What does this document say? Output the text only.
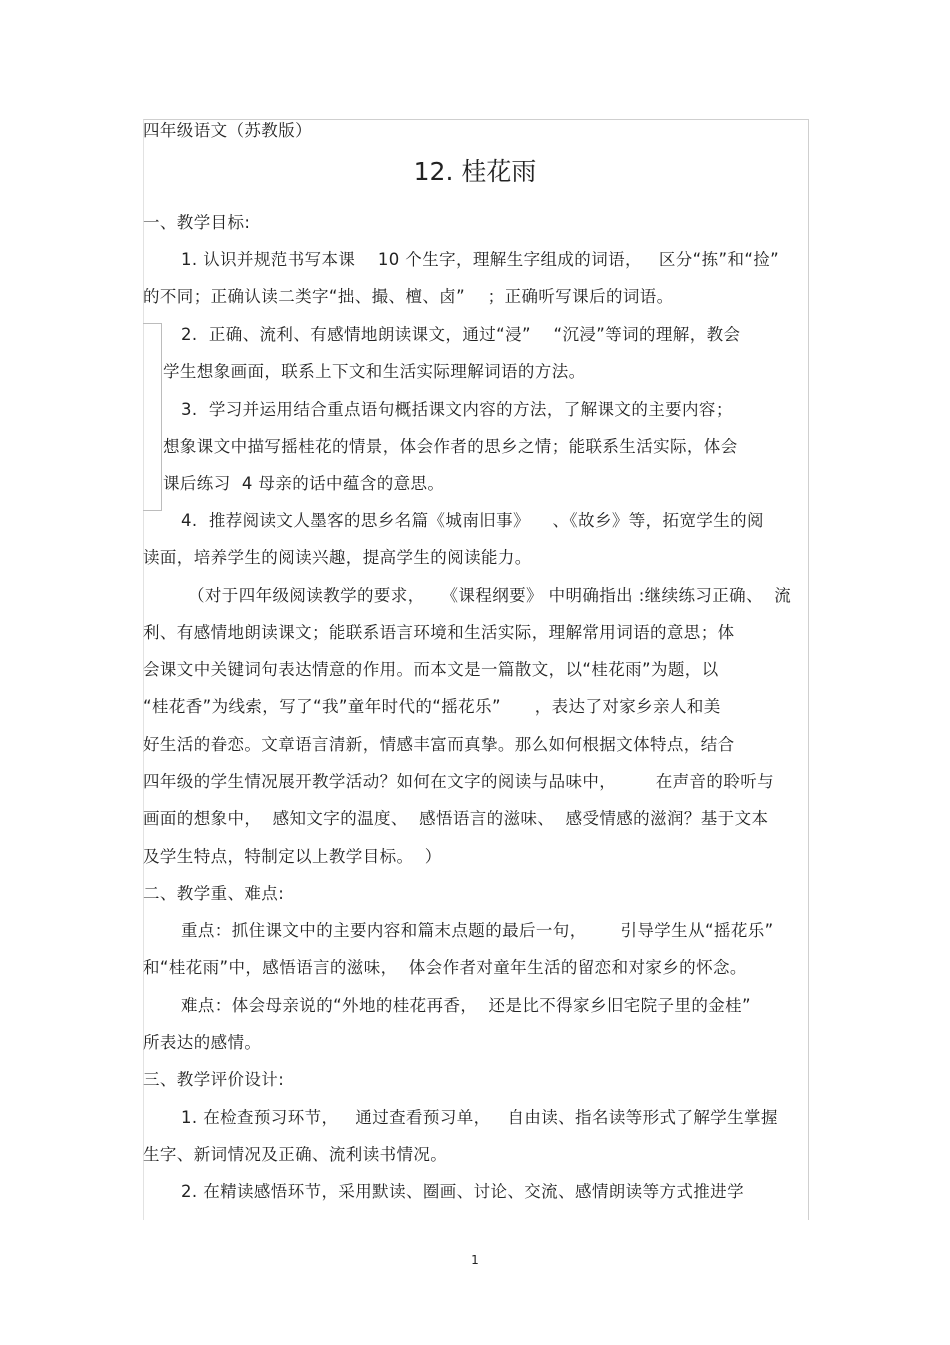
四年级语文（苏教版）
12. 桂花雨
一、教学目标:
1. 认识并规范书写本课    10 个生字，理解生字组成的词语，   区分“拣”和“捡”
的不同；正确认读二类字“拙、撮、檀、卤”    ；正确听写课后的词语。
2.  正确、流利、有感情地朗读课文，通过“浸”    “沉浸”等词的理解，教会
学生想象画面，联系上下文和生活实际理解词语的方法。
3.  学习并运用结合重点语句概括课文内容的方法，了解课文的主要内容；
想象课文中描写摇桂花的情景，体会作者的思乡之情；能联系生活实际，体会
课后练习  4 母亲的话中蕴含的意思。
4.  推荐阅读文人墨客的思乡名篇《城南旧事》    、《故乡》等，拓宽学生的阅
读面，培养学生的阅读兴趣，提高学生的阅读能力。
（对于四年级阅读教学的要求，   《课程纲要》 中明确指出 :继续练习正确、  流
利、有感情地朗读课文；能联系语言环境和生活实际，理解常用词语的意思；体
会课文中关键词句表达情意的作用。而本文是一篇散文，以“桂花雨”为题，以
“桂花香”为线索，写了“我”童年时代的“摇花乐”      ，表达了对家乡亲人和美
好生活的眷恋。文章语言清新，情感丰富而真挚。那么如何根据文体特点，结合
四年级的学生情况展开教学活动？如何在文字的阅读与品味中，       在声音的聆听与
画面的想象中，  感知文字的温度、  感悟语言的滋味、  感受情感的滋润？基于文本
及学生特点，特制定以上教学目标。  ）
二、教学重、难点:
重点：抓住课文中的主要内容和篇末点题的最后一句，      引导学生从“摇花乐”
和“桂花雨”中，感悟语言的滋味，  体会作者对童年生活的留恋和对家乡的怀念。
难点：体会母亲说的“外地的桂花再香，  还是比不得家乡旧宅院子里的金桂”
所表达的感情。
三、教学评价设计:
1. 在检查预习环节，   通过查看预习单，   自由读、指名读等形式了解学生掌握
生字、新词情况及正确、流利读书情况。
2. 在精读感悟环节，采用默读、圈画、讨论、交流、感情朗读等方式推进学
1
